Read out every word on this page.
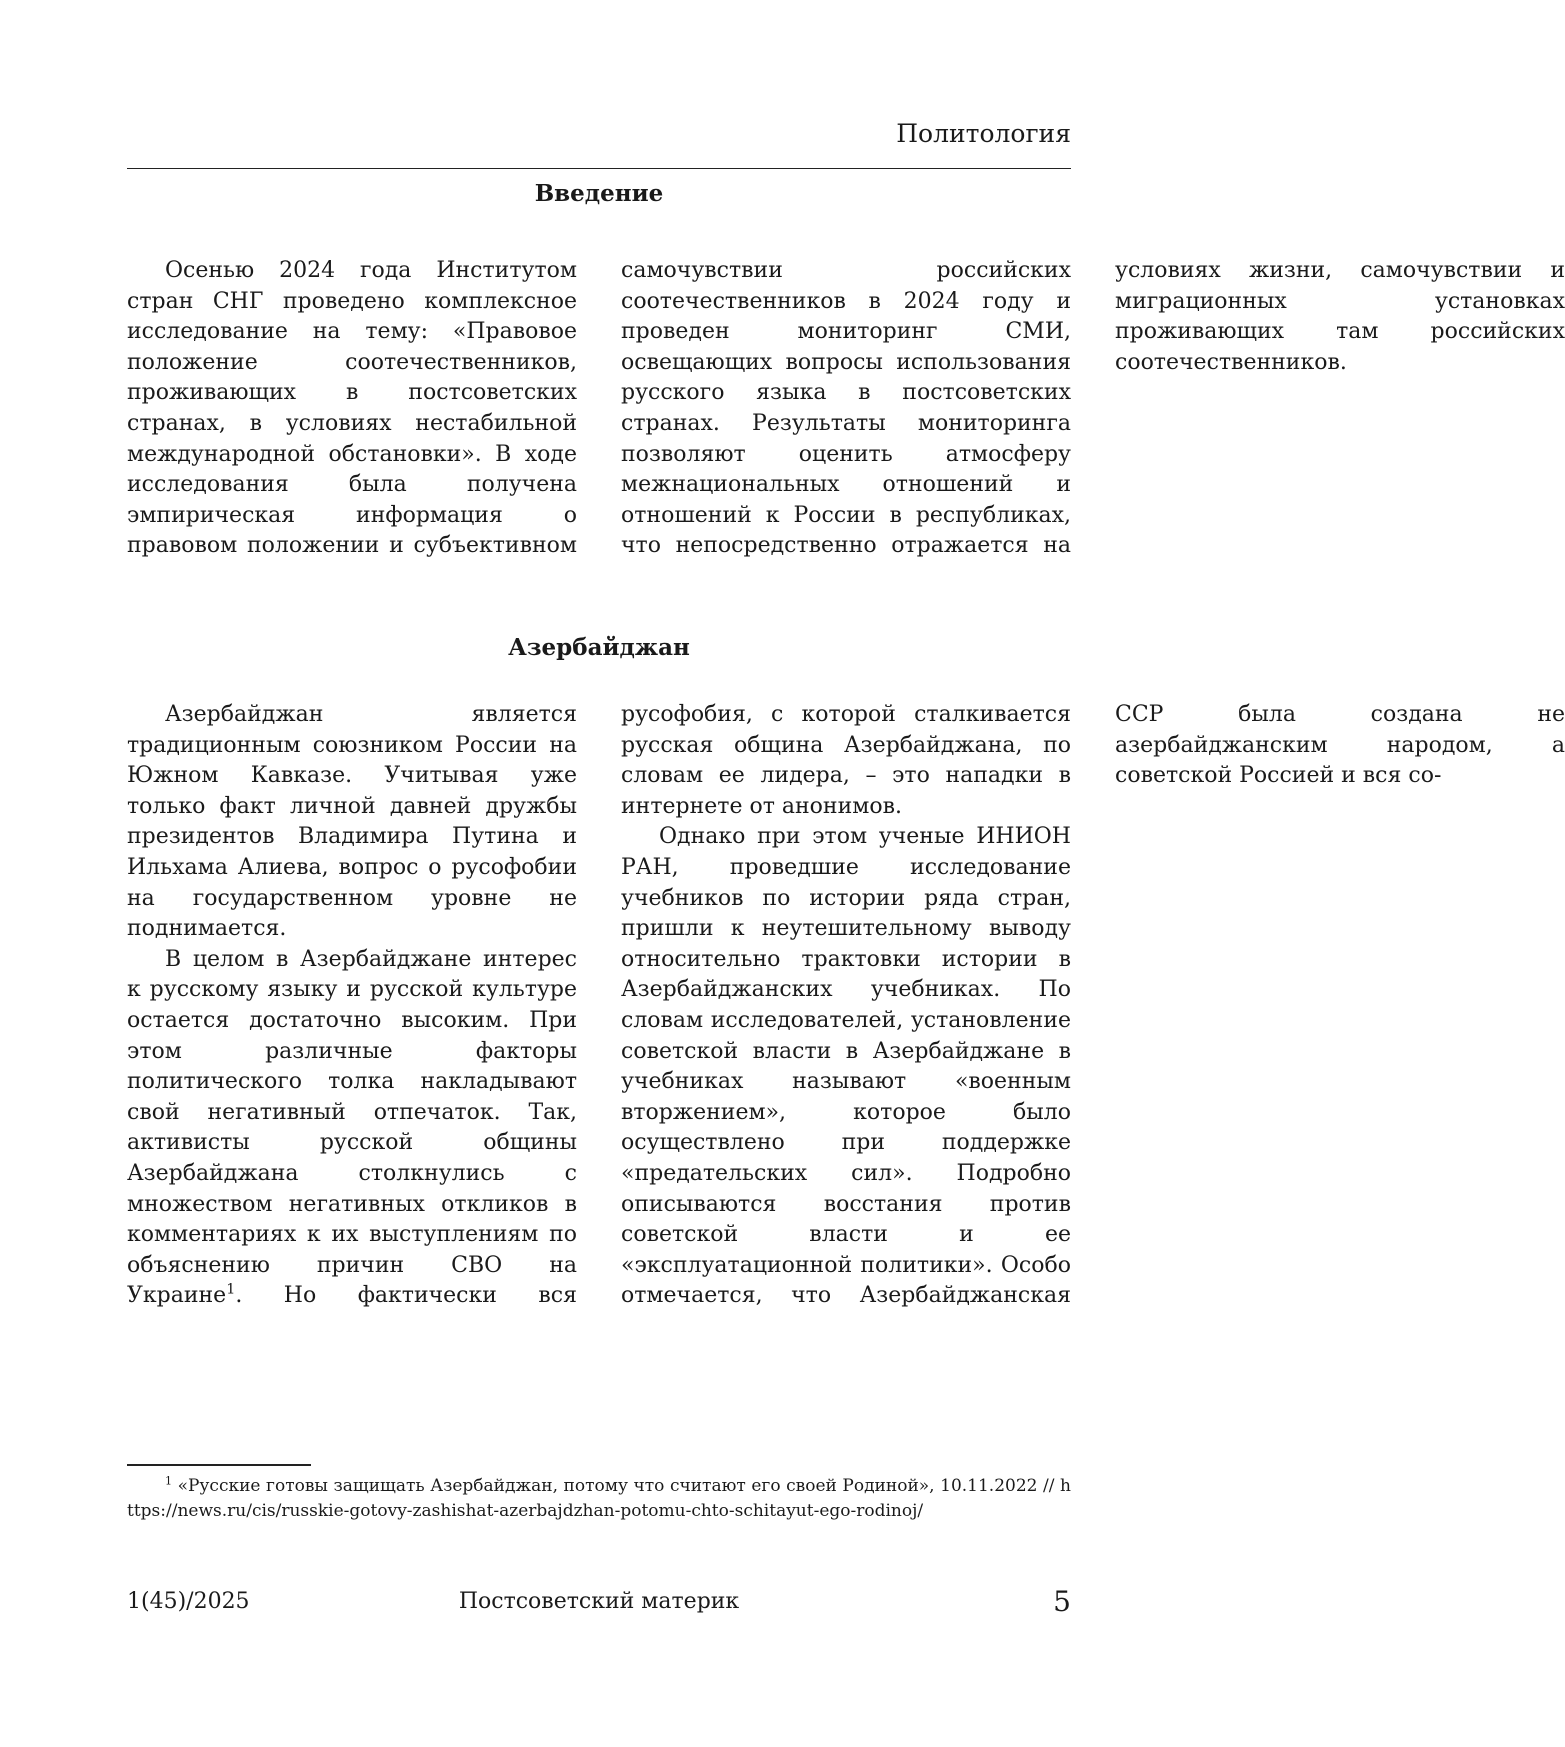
Политология
Введение

Осенью 2024 года Институтом стран СНГ проведено комплексное исследование на тему: «Правовое положение соотечественников, проживающих в постсоветских странах, в условиях нестабильной международной обстановки». В ходе исследования была получена эмпирическая информация о правовом положении и субъективном самочувствии российских соотечественников в 2024 году и проведен мониторинг СМИ, освещающих вопросы использования русского языка в постсоветских странах. Результаты мониторинга позволяют оценить атмосферу межнациональных отношений и отношений к России в республиках, что непосредственно отражается на условиях жизни, самочувствии и миграционных установках проживающих там российских соотечественников.

Азербайджан

Азербайджан является традиционным союзником России на Южном Кавказе. Учитывая уже только факт личной давней дружбы президентов Владимира Путина и Ильхама Алиева, вопрос о русофобии на государственном уровне не поднимается.

В целом в Азербайджане интерес к русскому языку и русской культуре остается достаточно высоким. При этом различные факторы политического толка накладывают свой негативный отпечаток. Так, активисты русской общины Азербайджана столкнулись с множеством негативных откликов в комментариях к их выступлениям по объяснению причин СВО на Украине$^1$. Но фактически вся русофобия, с которой сталкивается русская община Азербайджана, по словам ее лидера, – это нападки в интернете от анонимов.

Однако при этом ученые ИНИОН РАН, проведшие исследование учебников по истории ряда стран, пришли к неутешительному выводу относительно трактовки истории в Азербайджанских учебниках. По словам исследователей, установление советской власти в Азербайджане в учебниках называют «военным вторжением», которое было осуществлено при поддержке «предательских сил». Подробно описываются восстания против советской власти и ее «эксплуатационной политики». Особо отмечается, что Азербайджанская ССР была создана не азербайджанским народом, а советской Россией и вся со-

$^1$ «Русские готовы защищать Азербайджан, потому что считают его своей Родиной», 10.11.2022 // https://news.ru/cis/russkie-gotovy-zashishat-azerbajdzhan-potomu-chto-schitayut-ego-rodinoj/

1(45)/2025	Постсоветский материк	5
